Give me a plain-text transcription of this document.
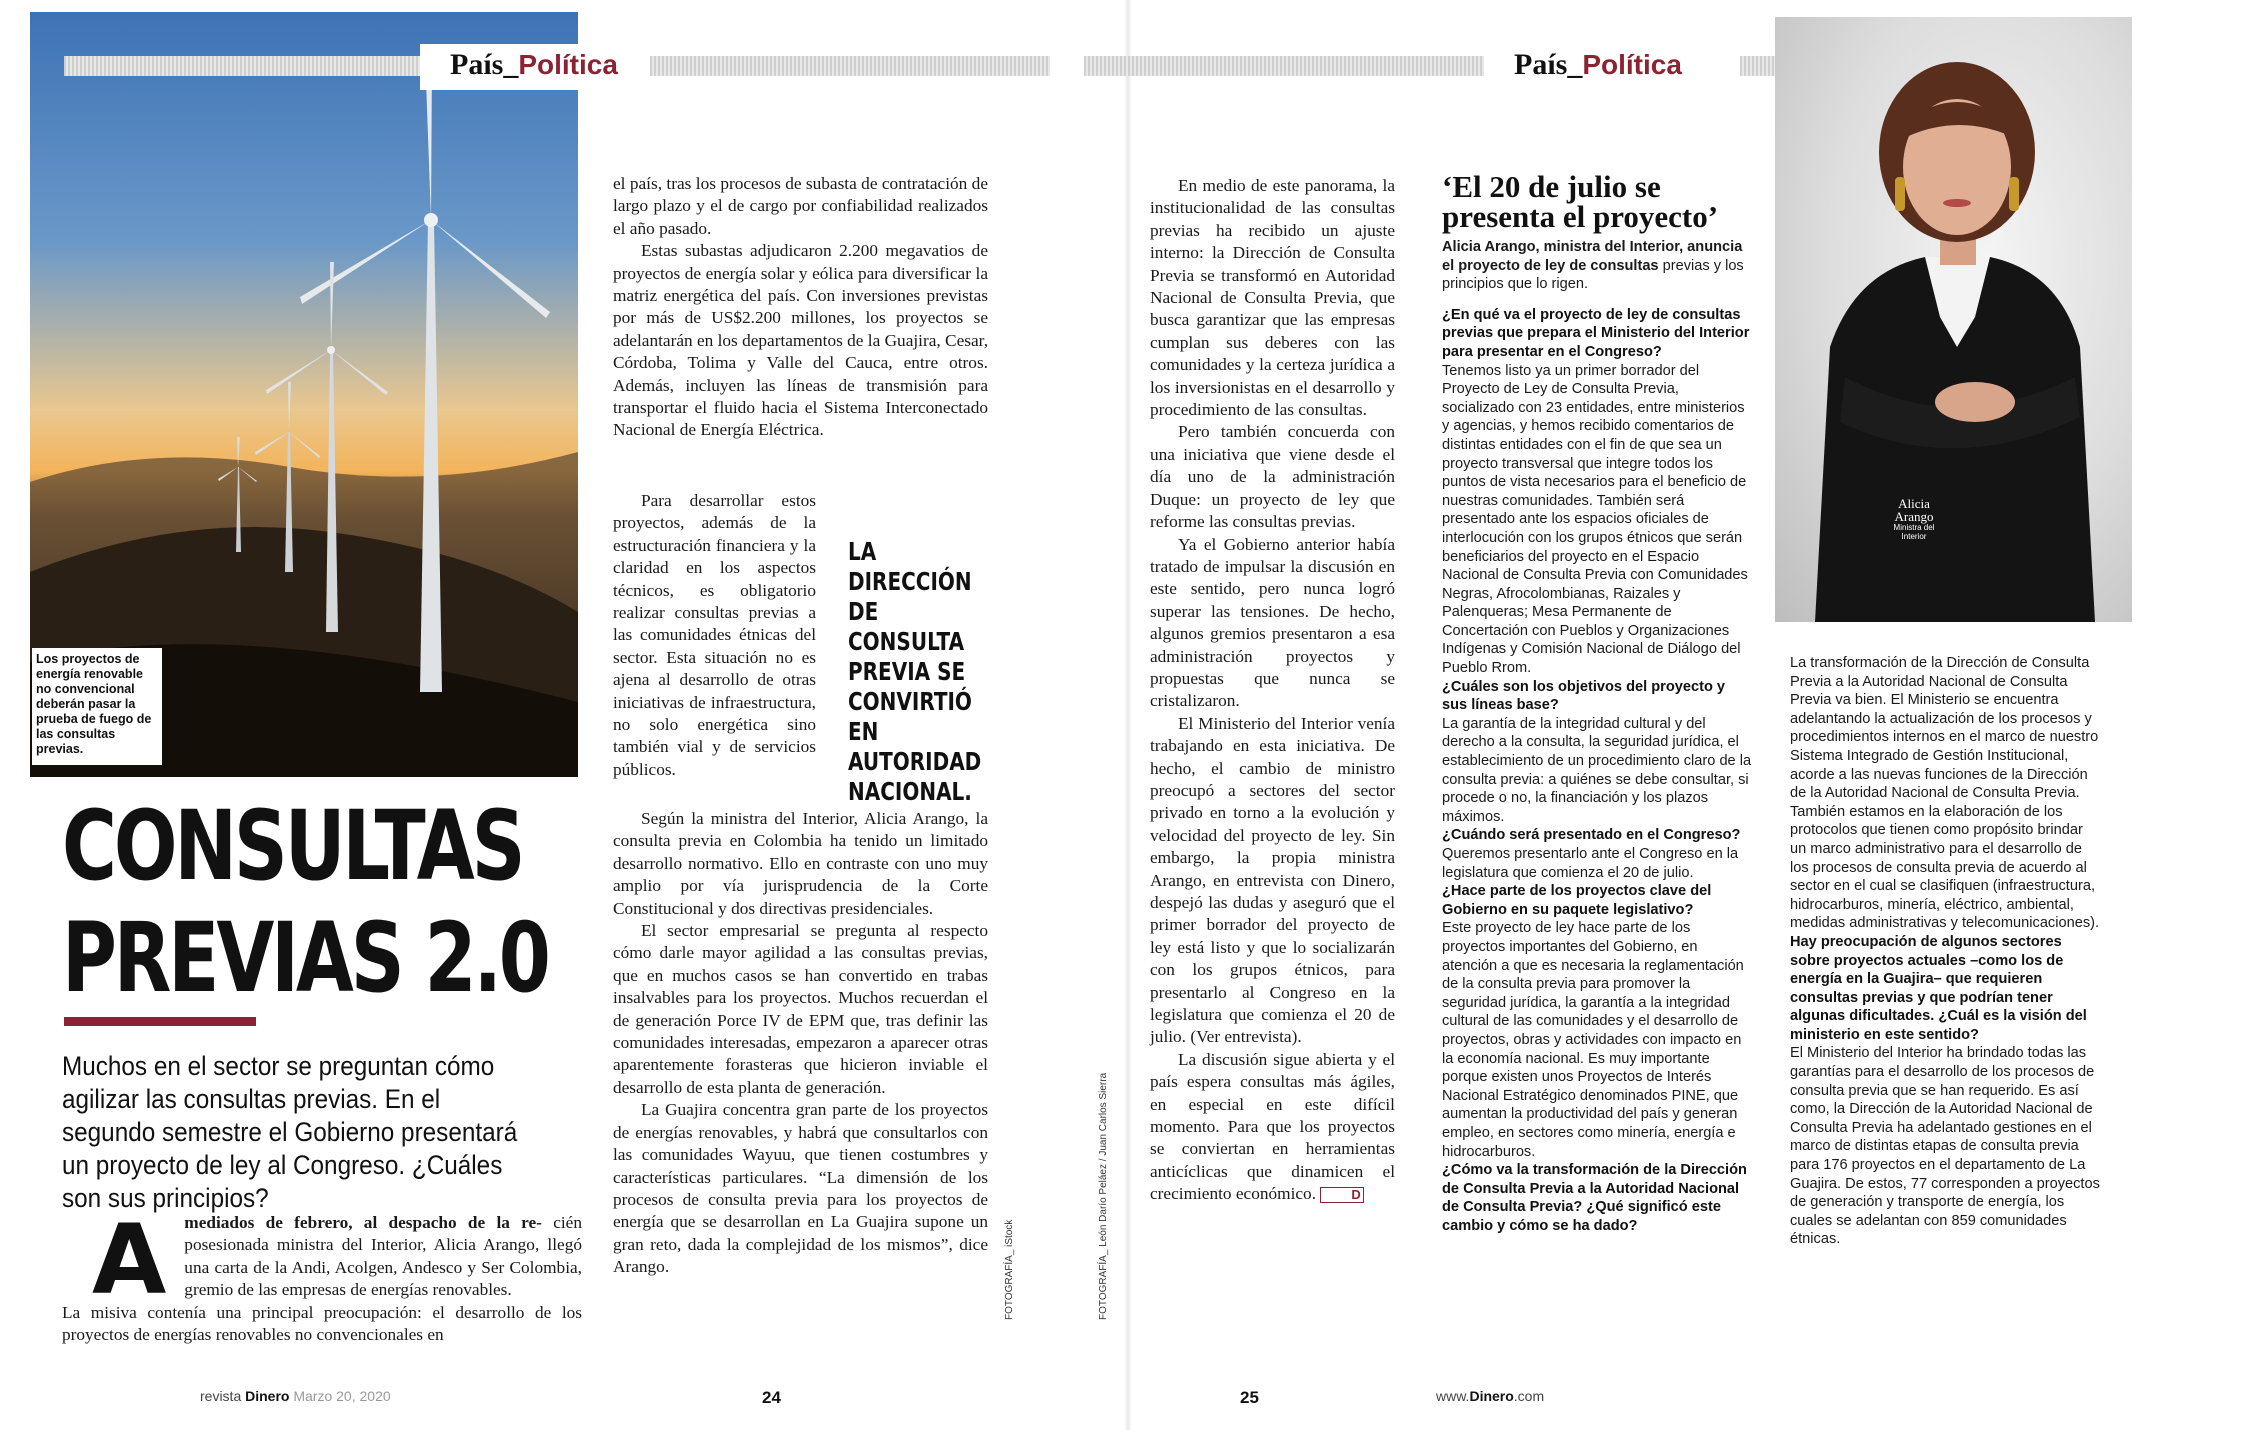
Los proyectos de energía renovable no convencional deberán pasar la prueba de fuego de las consultas previas.
País_Política
CONSULTAS
PREVIAS 2.0
Muchos en el sector se preguntan cómo agilizar las consultas previas. En el segundo semestre el Gobierno presentará un proyecto de ley al Congreso. ¿Cuáles son sus principios?

A mediados de febrero, al despacho de la re- cién posesionada ministra del Interior, Alicia Arango, llegó una carta de la Andi, Acolgen, Andesco y Ser Colombia, gremio de las empresas de energías renovables.

La misiva contenía una principal preocupación: el desarrollo de los proyectos de energías renovables no convencionales en

el país, tras los procesos de subasta de contratación de largo plazo y el de cargo por confiabilidad realizados el año pasado.

Estas subastas adjudicaron 2.200 megavatios de proyectos de energía solar y eólica para diversificar la matriz energética del país. Con inversiones previstas por más de US$2.200 millones, los proyectos se adelantarán en los departamentos de la Guajira, Cesar, Córdoba, Tolima y Valle del Cauca, entre otros. Además, incluyen las líneas de transmisión para transportar el fluido hacia el Sistema Interconectado Nacional de Energía Eléctrica.

Para desarrollar estos proyectos, además de la estructuración financiera y la claridad en los aspectos técnicos, es obligatorio realizar consultas previas a las comunidades étnicas del sector. Esta situación no es ajena al desarrollo de otras iniciativas de infraestructura, no solo energética sino también vial y de servicios públicos.

Según la ministra del Interior, Alicia Arango, la consulta previa en Colombia ha tenido un limitado desarrollo normativo. Ello en contraste con uno muy amplio por vía jurisprudencia de la Corte Constitucional y dos directivas presidenciales.

El sector empresarial se pregunta al respecto cómo darle mayor agilidad a las consultas previas, que en muchos casos se han convertido en trabas insalvables para los proyectos. Muchos recuerdan el de generación Porce IV de EPM que, tras definir las comunidades interesadas, empezaron a aparecer otras aparentemente forasteras que hicieron inviable el desarrollo de esta planta de generación.

La Guajira concentra gran parte de los proyectos de energías renovables, y habrá que consultarlos con las comunidades Wayuu, que tienen costumbres y características particulares. “La dimensión de los procesos de consulta previa para los proyectos de energía que se desarrollan en La Guajira supone un gran reto, dada la complejidad de los mismos”, dice Arango.

LA DIRECCIÓN DE CONSULTA PREVIA SE CONVIRTIÓ EN AUTORIDAD NACIONAL.
FOTOGRAFÍA_ iStock
revista Dinero Marzo 20, 2020	24
País_Política

En medio de este panorama, la institucionalidad de las consultas previas ha recibido un ajuste interno: la Dirección de Consulta Previa se transformó en Autoridad Nacional de Consulta Previa, que busca garantizar que las empresas cumplan sus deberes con las comunidades y la certeza jurídica a los inversionistas en el desarrollo y procedimiento de las consultas.

Pero también concuerda con una iniciativa que viene desde el día uno de la administración Duque: un proyecto de ley que reforme las consultas previas.

Ya el Gobierno anterior había tratado de impulsar la discusión en este sentido, pero nunca logró superar las tensiones. De hecho, algunos gremios presentaron a esa administración proyectos y propuestas que nunca se cristalizaron.

El Ministerio del Interior venía trabajando en esta iniciativa. De hecho, el cambio de ministro preocupó a sectores del sector privado en torno a la evolución y velocidad del proyecto de ley. Sin embargo, la propia ministra Arango, en entrevista con Dinero, despejó las dudas y aseguró que el primer borrador del proyecto de ley está listo y que lo socializarán con los grupos étnicos, para presentarlo al Congreso en la legislatura que comienza el 20 de julio. (Ver entrevista).

La discusión sigue abierta y el país espera consultas más ágiles, en especial en este difícil momento. Para que los proyectos se conviertan en herramientas anticíclicas que dinamicen el crecimiento económico.	D

FOTOGRAFÍA_ León Darío Peláez / Juan Carlos Sierra
‘El 20 de julio se presenta el proyecto’

Alicia Arango, ministra del Interior, anuncia el proyecto de ley de consultas previas y los principios que lo rigen.

¿En qué va el proyecto de ley de consultas previas que prepara el Ministerio del Interior para presentar en el Congreso?

Tenemos listo ya un primer borrador del Proyecto de Ley de Consulta Previa, socializado con 23 entidades, entre ministerios y agencias, y hemos recibido comentarios de distintas entidades con el fin de que sea un proyecto transversal que integre todos los puntos de vista necesarios para el beneficio de nuestras comunidades. También será presentado ante los espacios oficiales de interlocución con los grupos étnicos que serán beneficiarios del proyecto en el Espacio Nacional de Consulta Previa con Comunidades Negras, Afrocolombianas, Raizales y Palenqueras; Mesa Permanente de Concertación con Pueblos y Organizaciones Indígenas y Comisión Nacional de Diálogo del Pueblo Rrom.

¿Cuáles son los objetivos del proyecto y sus líneas base?

La garantía de la integridad cultural y del derecho a la consulta, la seguridad jurídica, el establecimiento de un procedimiento claro de la consulta previa: a quiénes se debe consultar, si procede o no, la financiación y los plazos máximos.

¿Cuándo será presentado en el Congreso?

Queremos presentarlo ante el Congreso en la legislatura que comienza el 20 de julio.

¿Hace parte de los proyectos clave del Gobierno en su paquete legislativo?

Este proyecto de ley hace parte de los proyectos importantes del Gobierno, en atención a que es necesaria la reglamentación de la consulta previa para promover la seguridad jurídica, la garantía a la integridad cultural de las comunidades y el desarrollo de proyectos, obras y actividades con impacto en la economía nacional. Es muy importante porque existen unos Proyectos de Interés Nacional Estratégico denominados PINE, que aumentan la productividad del país y generan empleo, en sectores como minería, energía e hidrocarburos.

¿Cómo va la transformación de la Dirección de Consulta Previa a la Autoridad Nacional de Consulta Previa? ¿Qué significó este cambio y cómo se ha dado?

Alicia Arango
Ministra del Interior

La transformación de la Dirección de Consulta Previa a la Autoridad Nacional de Consulta Previa va bien. El Ministerio se encuentra adelantando la actualización de los procesos y procedimientos internos en el marco de nuestro Sistema Integrado de Gestión Institucional, acorde a las nuevas funciones de la Dirección de la Autoridad Nacional de Consulta Previa. También estamos en la elaboración de los protocolos que tienen como propósito brindar un marco administrativo para el desarrollo de los procesos de consulta previa de acuerdo al sector en el cual se clasifiquen (infraestructura, hidrocarburos, minería, eléctrico, ambiental, medidas administrativas y telecomunicaciones).

Hay preocupación de algunos sectores sobre proyectos actuales –como los de energía en la Guajira– que requieren consultas previas y que podrían tener algunas dificultades. ¿Cuál es la visión del ministerio en este sentido?

El Ministerio del Interior ha brindado todas las garantías para el desarrollo de los procesos de consulta previa que se han requerido. Es así como, la Dirección de la Autoridad Nacional de Consulta Previa ha adelantado gestiones en el marco de distintas etapas de consulta previa para 176 proyectos en el departamento de La Guajira. De estos, 77 corresponden a proyectos de generación y transporte de energía, los cuales se adelantan con 859 comunidades étnicas.

25	www.Dinero.com
